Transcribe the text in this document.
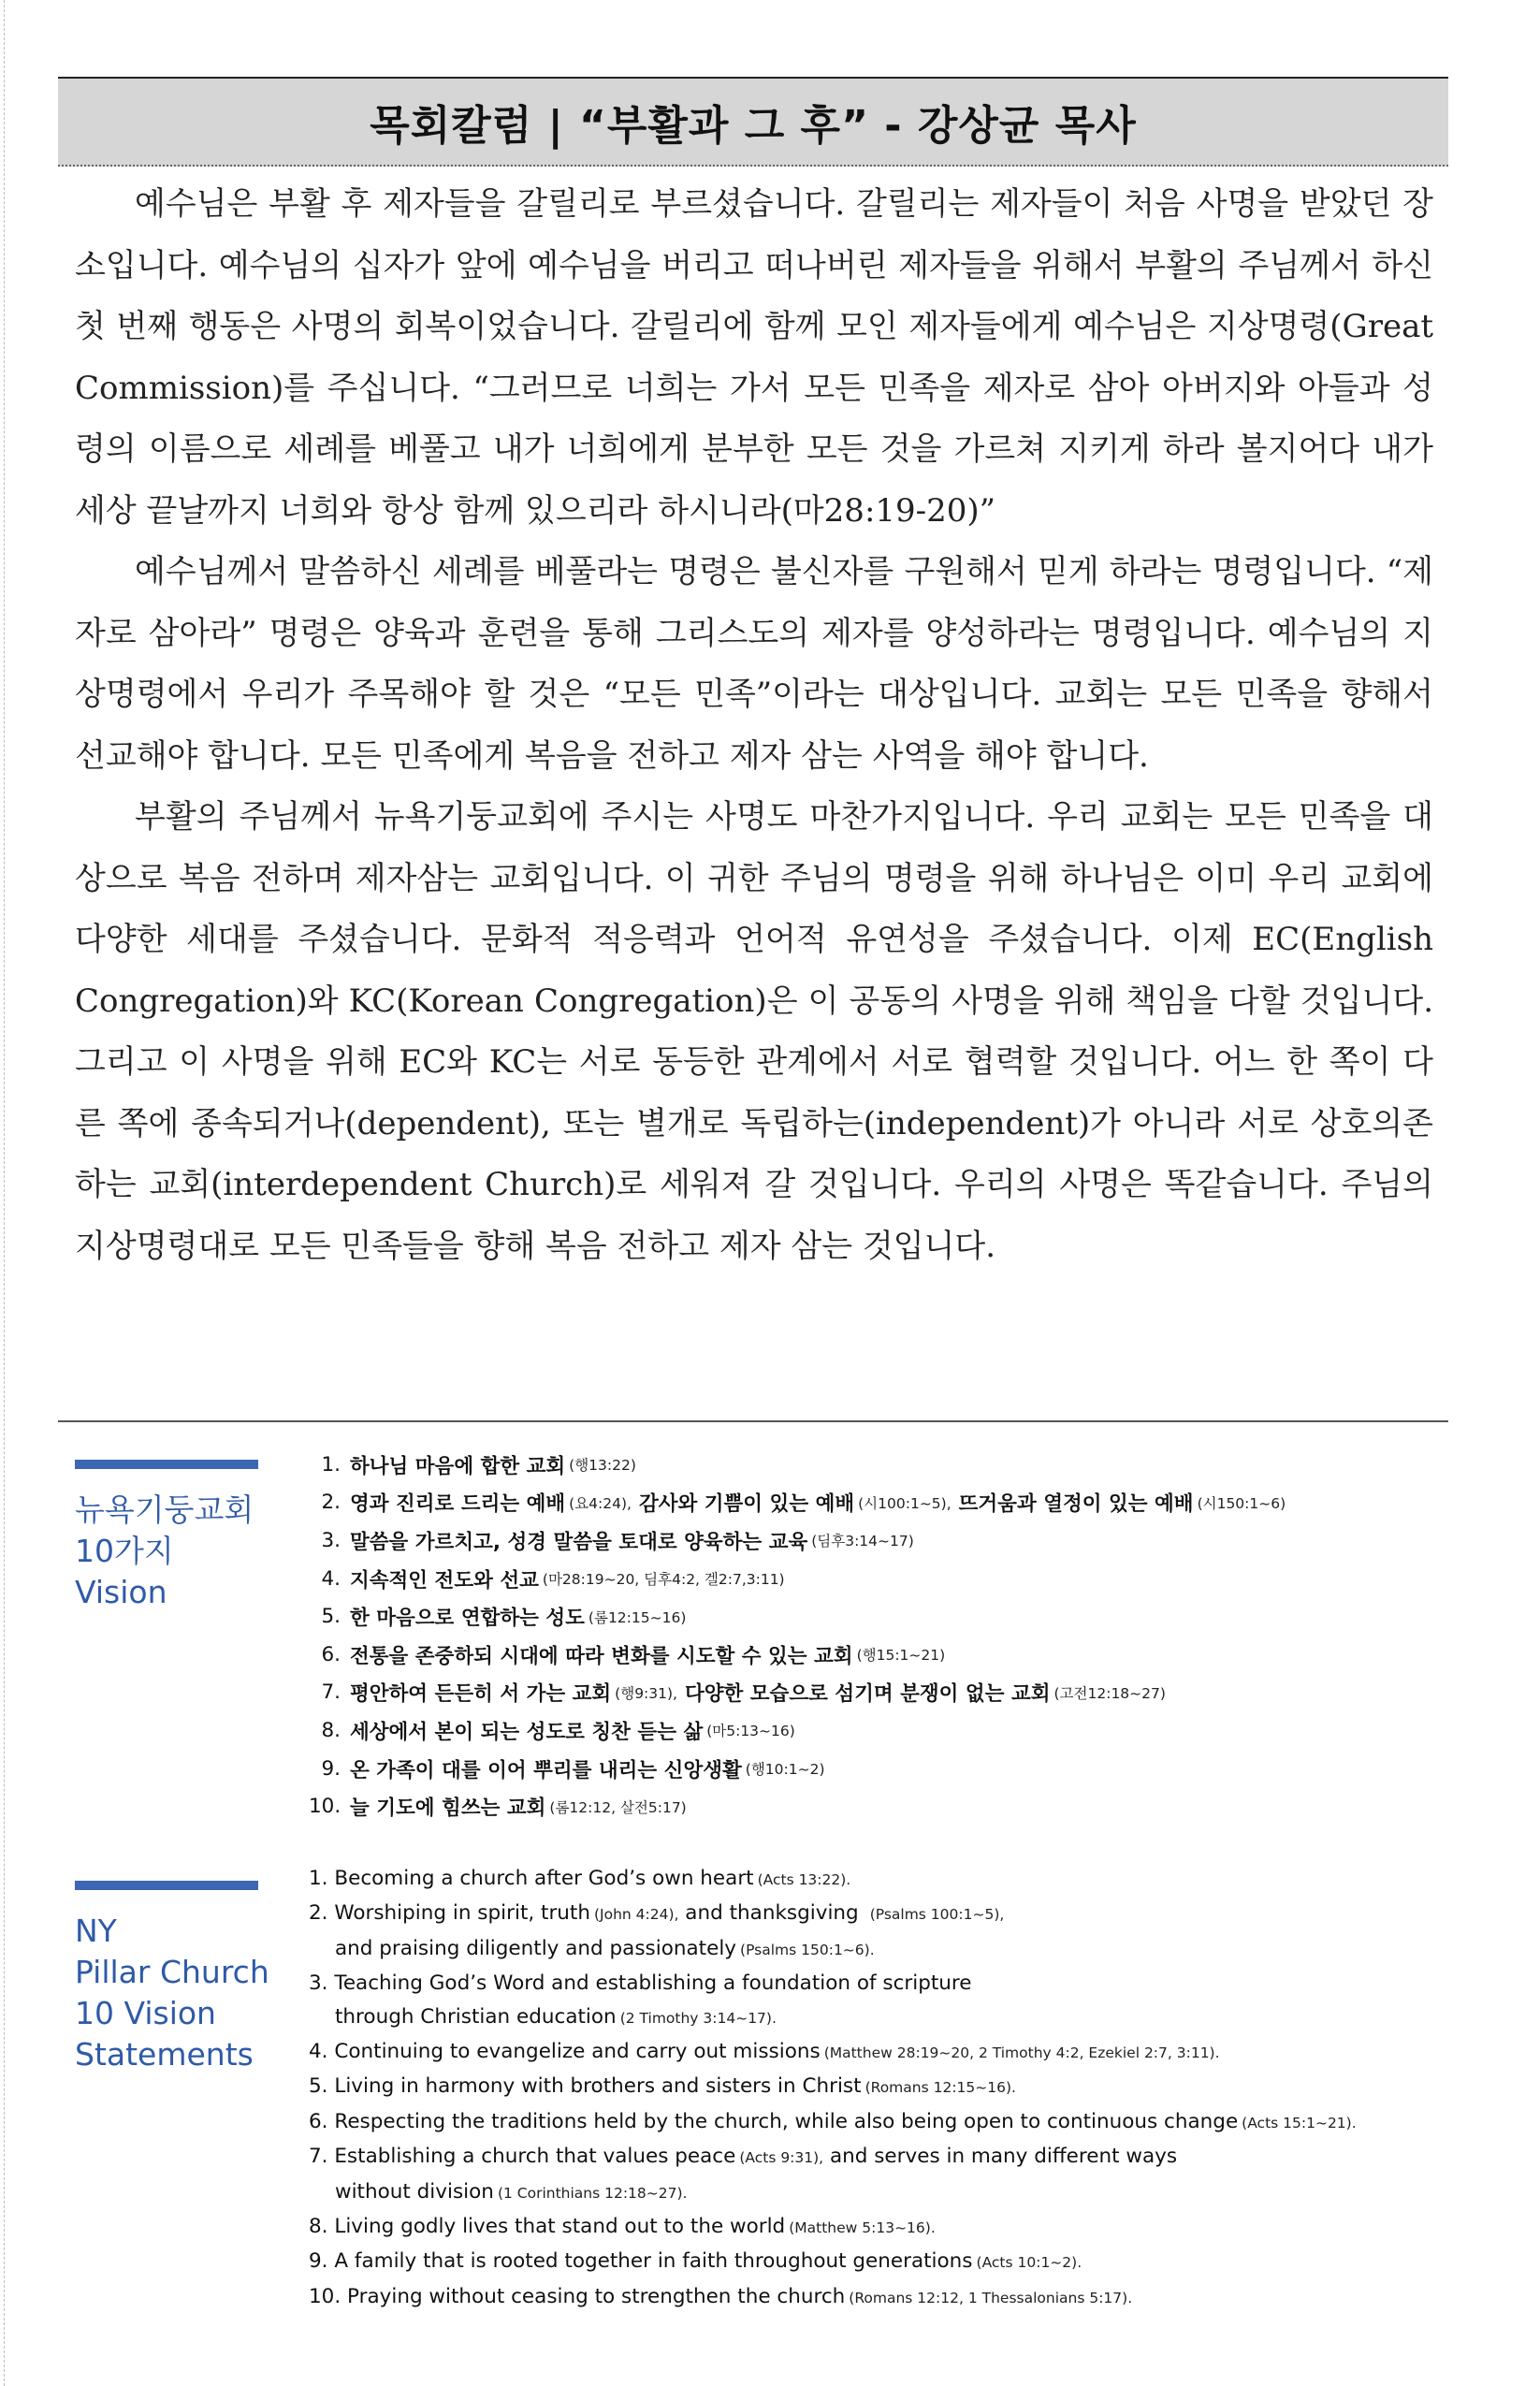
목회칼럼 | “부활과 그 후” - 강상균 목사

예수님은 부활 후 제자들을 갈릴리로 부르셨습니다. 갈릴리는 제자들이 처음 사명을 받았던 장소입니다. 예수님의 십자가 앞에 예수님을 버리고 떠나버린 제자들을 위해서 부활의 주님께서 하신 첫 번째 행동은 사명의 회복이었습니다. 갈릴리에 함께 모인 제자들에게 예수님은 지상명령(Great Commission)를 주십니다. “그러므로 너희는 가서 모든 민족을 제자로 삼아 아버지와 아들과 성령의 이름으로 세례를 베풀고 내가 너희에게 분부한 모든 것을 가르쳐 지키게 하라 볼지어다 내가 세상 끝날까지 너희와 항상 함께 있으리라 하시니라(마28:19-20)”

예수님께서 말씀하신 세례를 베풀라는 명령은 불신자를 구원해서 믿게 하라는 명령입니다. “제자로 삼아라” 명령은 양육과 훈련을 통해 그리스도의 제자를 양성하라는 명령입니다. 예수님의 지상명령에서 우리가 주목해야 할 것은 “모든 민족”이라는 대상입니다. 교회는 모든 민족을 향해서 선교해야 합니다. 모든 민족에게 복음을 전하고 제자 삼는 사역을 해야 합니다.

부활의 주님께서 뉴욕기둥교회에 주시는 사명도 마찬가지입니다. 우리 교회는 모든 민족을 대상으로 복음 전하며 제자삼는 교회입니다. 이 귀한 주님의 명령을 위해 하나님은 이미 우리 교회에 다양한 세대를 주셨습니다. 문화적 적응력과 언어적 유연성을 주셨습니다. 이제 EC(English Congregation)와 KC(Korean Congregation)은 이 공동의 사명을 위해 책임을 다할 것입니다. 그리고 이 사명을 위해 EC와 KC는 서로 동등한 관계에서 서로 협력할 것입니다. 어느 한 쪽이 다른 쪽에 종속되거나(dependent), 또는 별개로 독립하는(independent)가 아니라 서로 상호의존하는 교회(interdependent Church)로 세워져 갈 것입니다. 우리의 사명은 똑같습니다. 주님의 지상명령대로 모든 민족들을 향해 복음 전하고 제자 삼는 것입니다.

뉴욕기둥교회
10가지
Vision
1. 하나님 마음에 합한 교회 (행13:22)
2. 영과 진리로 드리는 예배 (요4:24), 감사와 기쁨이 있는 예배 (시100:1~5), 뜨거움과 열정이 있는 예배 (시150:1~6)
3. 말씀을 가르치고, 성경 말씀을 토대로 양육하는 교육 (딤후3:14~17)
4. 지속적인 전도와 선교 (마28:19~20, 딤후4:2, 겔2:7,3:11)
5. 한 마음으로 연합하는 성도 (롬12:15~16)
6. 전통을 존중하되 시대에 따라 변화를 시도할 수 있는 교회 (행15:1~21)
7. 평안하여 든든히 서 가는 교회 (행9:31), 다양한 모습으로 섬기며 분쟁이 없는 교회 (고전12:18~27)
8. 세상에서 본이 되는 성도로 칭찬 듣는 삶 (마5:13~16)
9. 온 가족이 대를 이어 뿌리를 내리는 신앙생활 (행10:1~2)
10. 늘 기도에 힘쓰는 교회 (롬12:12, 살전5:17)
NY
Pillar Church
10 Vision
Statements
1. Becoming a church after God’s own heart (Acts 13:22).
2. Worshiping in spirit, truth (John 4:24), and thanksgiving (Psalms 100:1~5),
and praising diligently and passionately (Psalms 150:1~6).
3. Teaching God’s Word and establishing a foundation of scripture
through Christian education (2 Timothy 3:14~17).
4. Continuing to evangelize and carry out missions (Matthew 28:19~20, 2 Timothy 4:2, Ezekiel 2:7, 3:11).
5. Living in harmony with brothers and sisters in Christ (Romans 12:15~16).
6. Respecting the traditions held by the church, while also being open to continuous change (Acts 15:1~21).
7. Establishing a church that values peace (Acts 9:31), and serves in many different ways
without division (1 Corinthians 12:18~27).
8. Living godly lives that stand out to the world (Matthew 5:13~16).
9. A family that is rooted together in faith throughout generations (Acts 10:1~2).
10. Praying without ceasing to strengthen the church (Romans 12:12, 1 Thessalonians 5:17).
